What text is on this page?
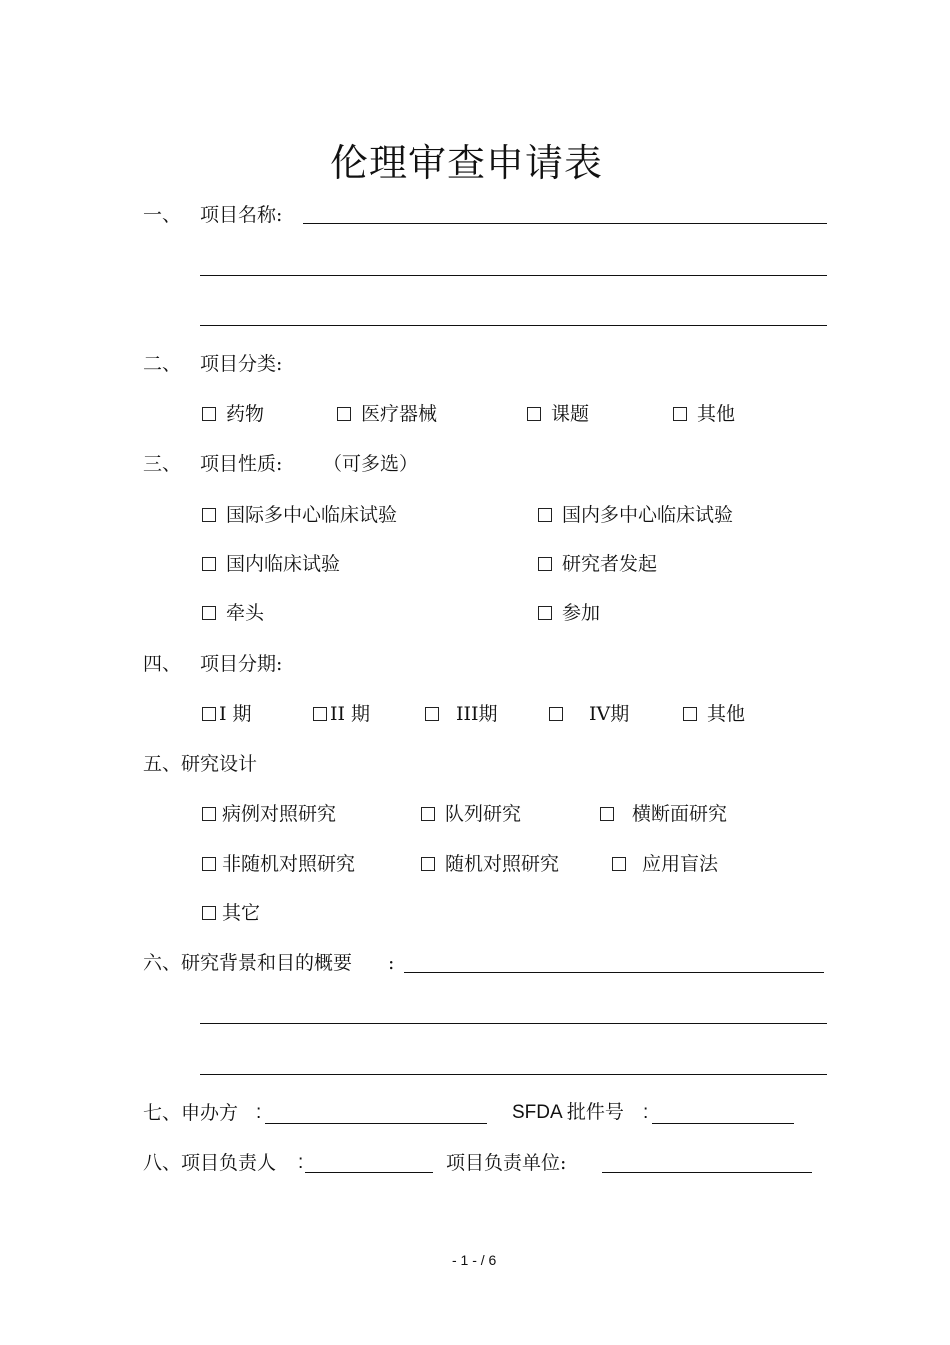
伦理审查申请表
一、 项目名称:
二、 项目分类:
药物	医疗器械	课题	其他
三、 项目性质: （可多选）
国际多中心临床试验	国内多中心临床试验
国内临床试验	研究者发起
牵头	参加
四、 项目分期:
I 期	II 期	III期	IV期	其他
五、研究设计
病例对照研究	队列研究	横断面研究
非随机对照研究	随机对照研究	应用盲法
其它
六、研究背景和目的概要 :
七、申办方 :	SFDA 批件号 :
八、项目负责人 :	项目负责单位:
- 1 - / 6
